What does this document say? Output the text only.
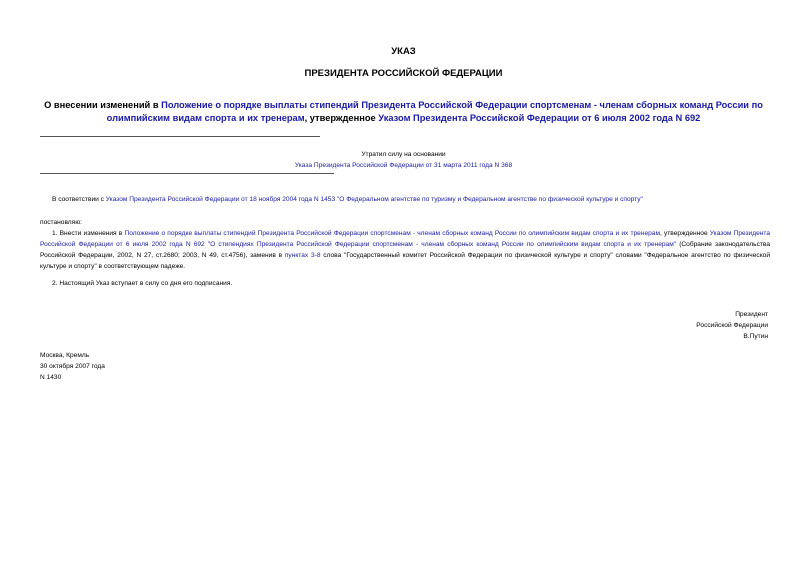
УКАЗ
ПРЕЗИДЕНТА РОССИЙСКОЙ ФЕДЕРАЦИИ
О внесении изменений в Положение о порядке выплаты стипендий Президента Российской Федерации спортсменам - членам сборных команд России по олимпийским видам спорта и их тренерам, утвержденное Указом Президента Российской Федерации от 6 июля 2002 года N 692
Утратил силу на основании
Указа Президента Российской Федерации от 31 марта 2011 года N 368
В соответствии с Указом Президента Российской Федерации от 18 ноября 2004 года N 1453 "О Федеральном агентстве по туризму и Федеральном агентстве по физической культуре и спорту"
постановляю:
1. Внести изменения в Положение о порядке выплаты стипендий Президента Российской Федерации спортсменам - членам сборных команд России по олимпийским видам спорта и их тренерам, утвержденное Указом Президента Российской Федерации от 6 июля 2002 года N 692 "О стипендиях Президента Российской Федерации спортсменам - членам сборных команд России по олимпийским видам спорта и их тренерам" (Собрание законодательства Российской Федерации, 2002, N 27, ст.2680; 2003, N 49, ст.4756), заменив в пунктах 3-8 слова "Государственный комитет Российской Федерации по физической культуре и спорту" словами "Федеральное агентство по физической культуре и спорту" в соответствующем падеже.
2. Настоящий Указ вступает в силу со дня его подписания.
Президент
Российской Федерации
В.Путин
Москва, Кремль
30 октября 2007 года
N 1430
